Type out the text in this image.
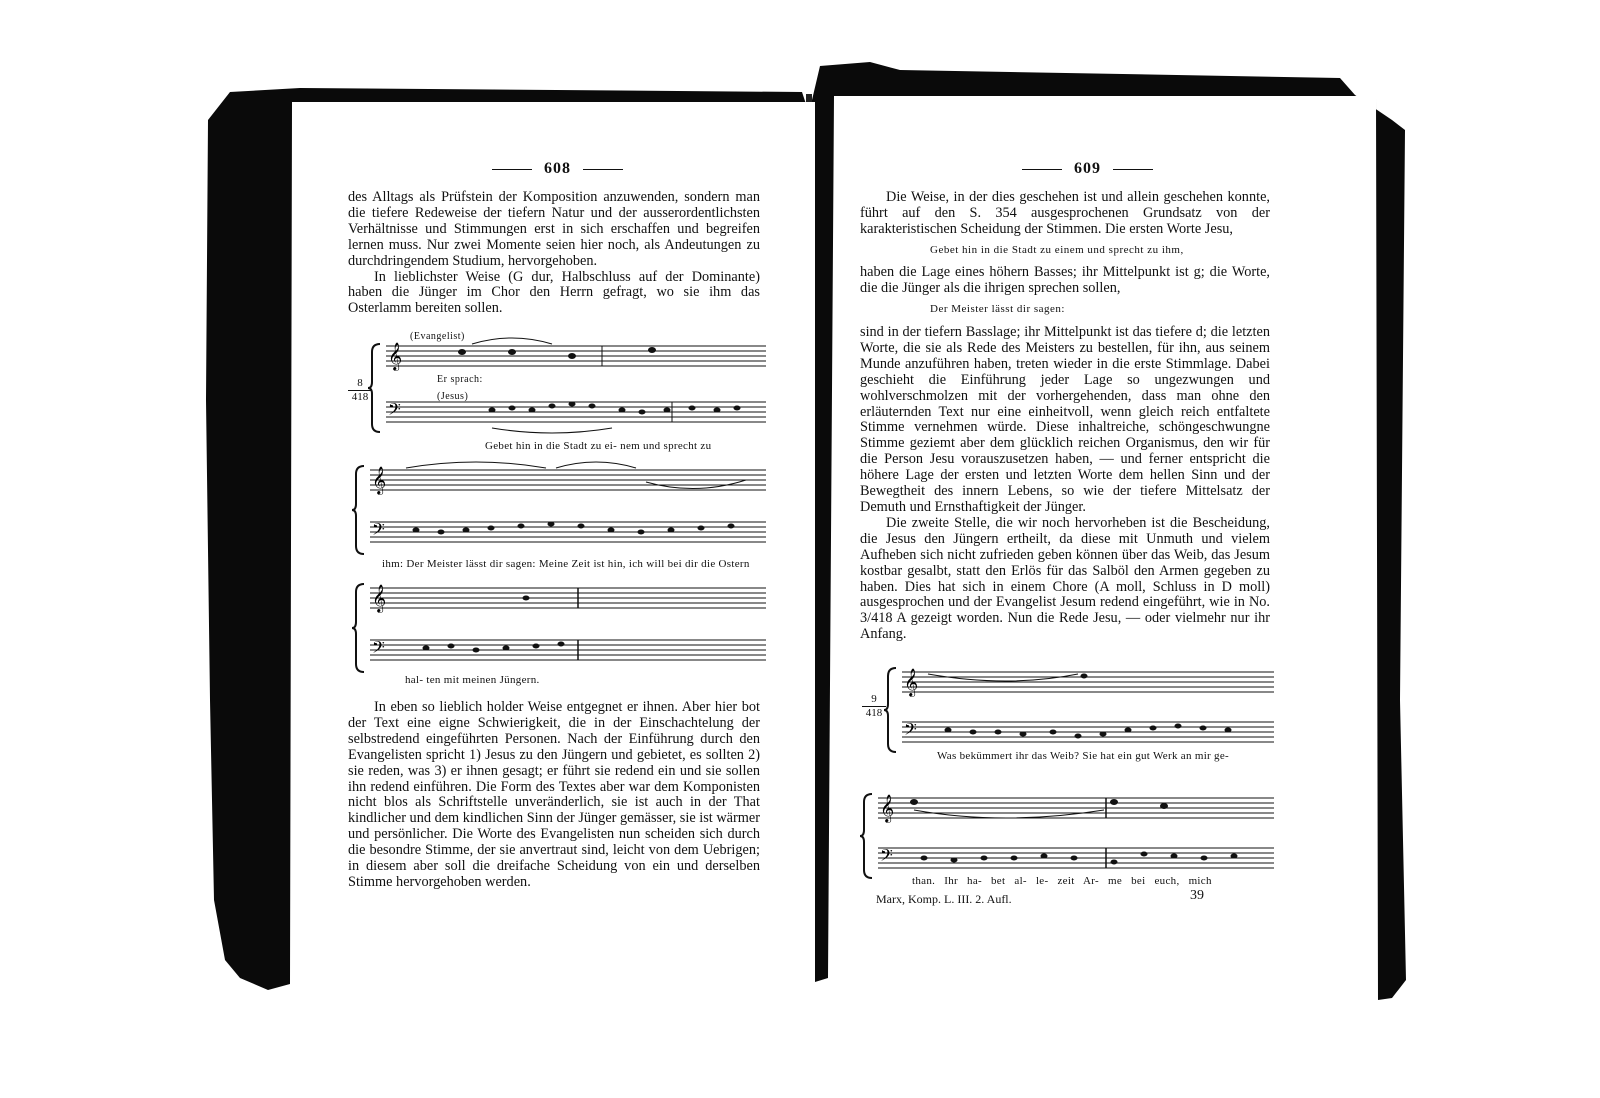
608

des Alltags als Prüfstein der Komposition anzuwenden, sondern man die tiefere Redeweise der tiefern Natur und der ausserordentlichsten Verhältnisse und Stimmungen erst in sich erschaffen und begreifen lernen muss. Nur zwei Momente seien hier noch, als Andeutungen zu durchdringendem Studium, hervorgehoben.

In lieblichster Weise (G dur, Halbschluss auf der Dominante) haben die Jünger im Chor den Herrn gefragt, wo sie ihm das Osterlamm bereiten sollen.

8
418
(Evangelist)
Er sprach:
(Jesus)
𝄞
𝄢
Gebet hin in die Stadt zu ei- nem und sprecht zu
𝄞
𝄢
ihm: Der Meister lässt dir sagen: Meine Zeit ist hin, ich will bei dir die Ostern
𝄞
𝄢
hal- ten mit meinen Jüngern.

In eben so lieblich holder Weise entgegnet er ihnen. Aber hier bot der Text eine eigne Schwierigkeit, die in der Einschachtelung der selbstredend eingeführten Personen. Nach der Einführung durch den Evangelisten spricht 1) Jesus zu den Jüngern und gebietet, es sollten 2) sie reden, was 3) er ihnen gesagt; er führt sie redend ein und sie sollen ihn redend einführen. Die Form des Textes aber war dem Komponisten nicht blos als Schriftstelle unveränderlich, sie ist auch in der That kindlicher und dem kindlichen Sinn der Jünger gemässer, sie ist wärmer und persönlicher. Die Worte des Evangelisten nun scheiden sich durch die besondre Stimme, der sie anvertraut sind, leicht von dem Uebrigen; in diesem aber soll die dreifache Scheidung von ein und derselben Stimme hervorgehoben werden.

609

Die Weise, in der dies geschehen ist und allein geschehen konnte, führt auf den S. 354 ausgesprochenen Grundsatz von der karakteristischen Scheidung der Stimmen. Die ersten Worte Jesu,

Gebet hin in die Stadt zu einem und sprecht zu ihm,

haben die Lage eines höhern Basses; ihr Mittelpunkt ist g; die Worte, die die Jünger als die ihrigen sprechen sollen,

Der Meister lässt dir sagen:

sind in der tiefern Basslage; ihr Mittelpunkt ist das tiefere d; die letzten Worte, die sie als Rede des Meisters zu bestellen, für ihn, aus seinem Munde anzuführen haben, treten wieder in die erste Stimmlage. Dabei geschieht die Einführung jeder Lage so ungezwungen und wohlverschmolzen mit der vorhergehenden, dass man ohne den erläuternden Text nur eine einheitvoll, wenn gleich reich entfaltete Stimme vernehmen würde. Diese inhaltreiche, schöngeschwungne Stimme geziemt aber dem glücklich reichen Organismus, den wir für die Person Jesu vorauszusetzen haben, — und ferner entspricht die höhere Lage der ersten und letzten Worte dem hellen Sinn und der Bewegtheit des innern Lebens, so wie der tiefere Mittelsatz der Demuth und Ernsthaftigkeit der Jünger.

Die zweite Stelle, die wir noch hervorheben ist die Bescheidung, die Jesus den Jüngern ertheilt, da diese mit Unmuth und vielem Aufheben sich nicht zufrieden geben können über das Weib, das Jesum kostbar gesalbt, statt den Erlös für das Salböl den Armen gegeben zu haben. Dies hat sich in einem Chore (A moll, Schluss in D moll) ausgesprochen und der Evangelist Jesum redend eingeführt, wie in No. 3/418 A gezeigt worden. Nun die Rede Jesu, — oder vielmehr nur ihr Anfang.

9
418
𝄞
𝄢
Was bekümmert ihr das Weib? Sie hat ein gut Werk an mir ge-
𝄞
𝄢
than. Ihr ha- bet al- le- zeit Ar- me bei euch, mich
Marx, Komp. L. III. 2. Aufl.	39
